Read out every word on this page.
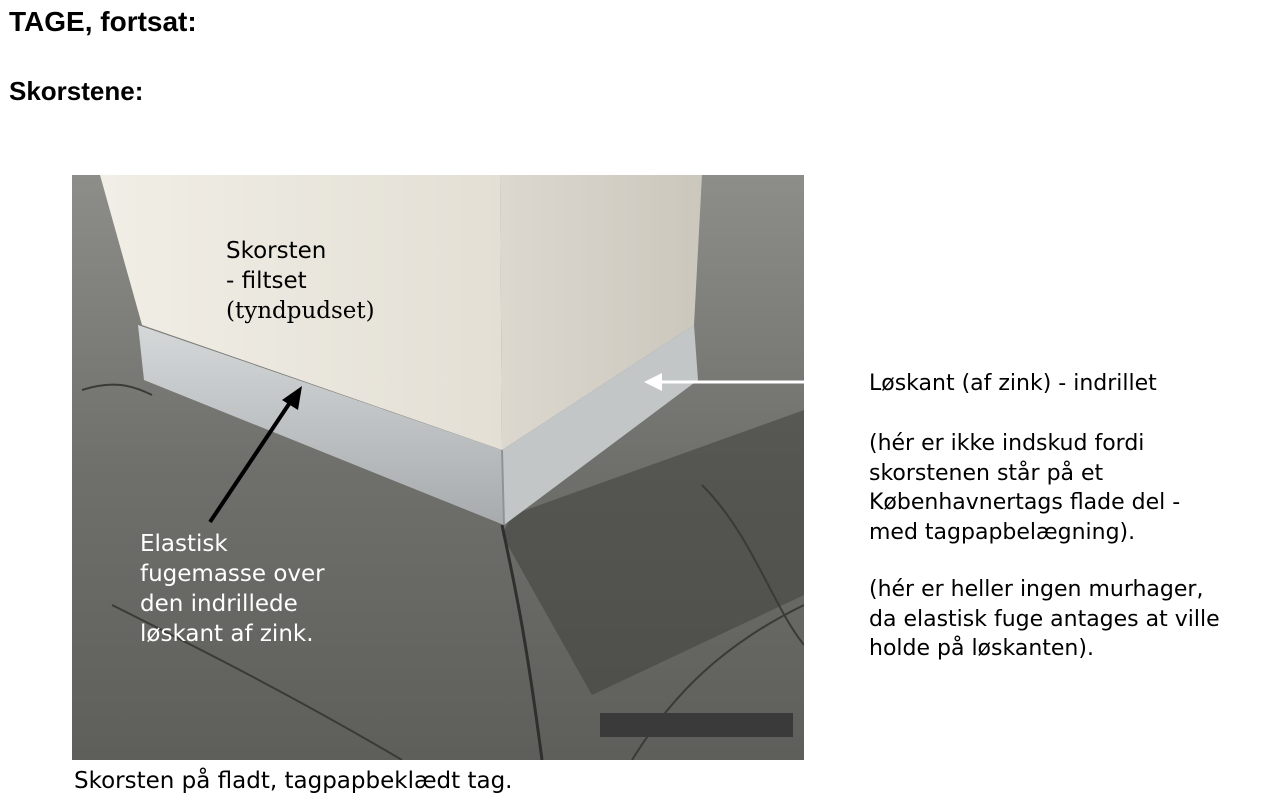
TAGE, fortsat:
Skorstene:
Skorsten
- filtset
(tyndpudset)
Elastisk
fugemasse over
den indrillede
løskant af zink.
Skorsten på fladt, tagpapbeklædt tag.
Løskant (af zink) - indrillet
(hér er ikke indskud fordi
skorstenen står på et
Københavnertags flade del -
med tagpapbelægning).
(hér er heller ingen murhager,
da elastisk fuge antages at ville
holde på løskanten).
